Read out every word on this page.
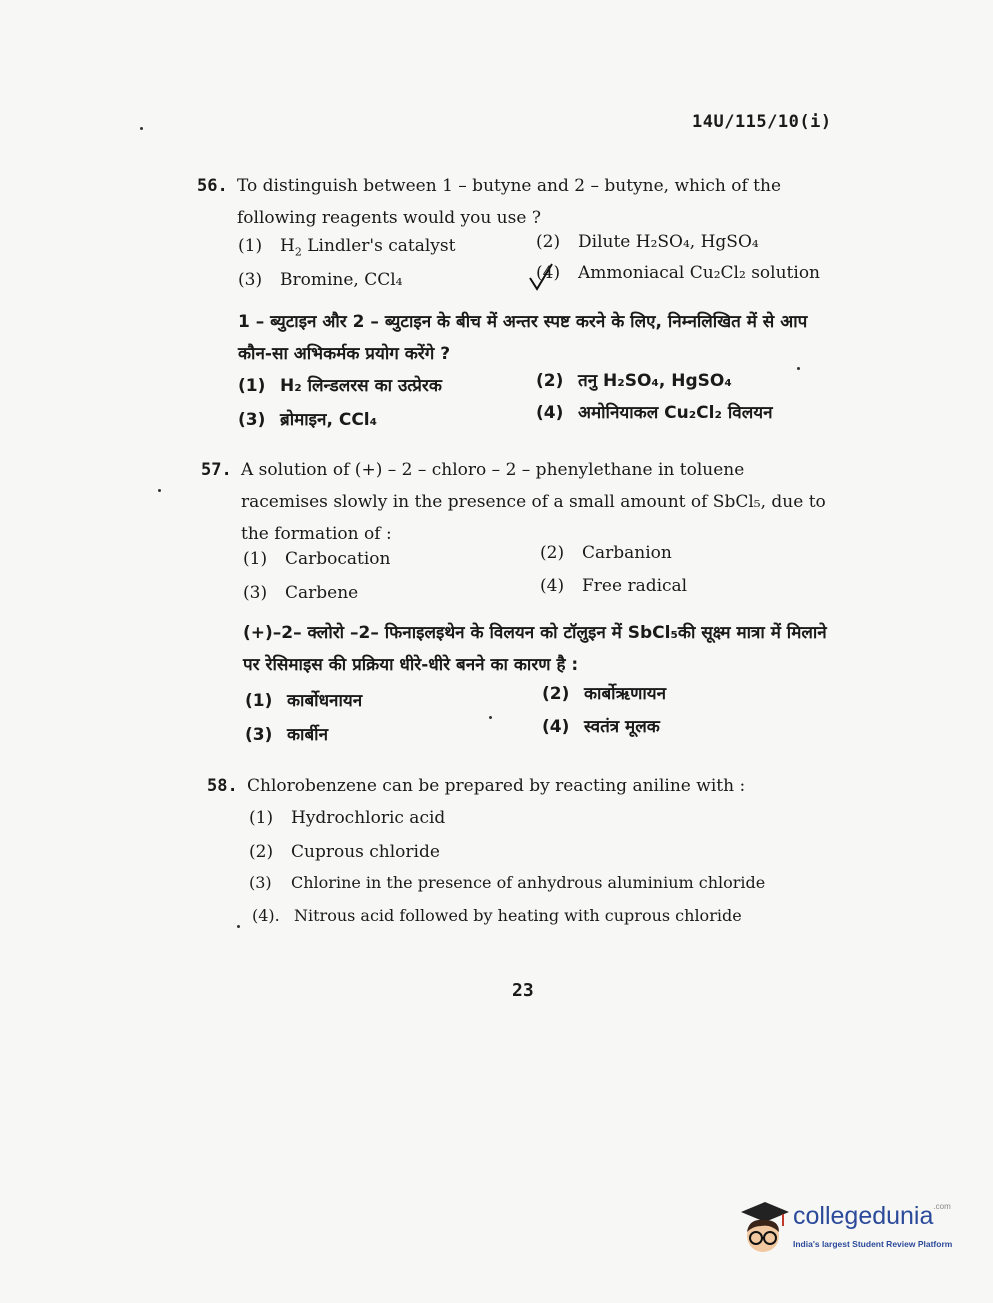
14U/115/10(i)
56. To distinguish between 1 – butyne and 2 – butyne, which of the following reagents would you use ?
(1) $H_2$ Lindler's catalyst	(2) Dilute H₂SO₄, HgSO₄
(3) Bromine, CCl₄	(4) Ammoniacal Cu₂Cl₂ solution
1 – ब्युटाइन और 2 – ब्युटाइन के बीच में अन्तर स्पष्ट करने के लिए, निम्नलिखित में से आप कौन-सा अभिकर्मक प्रयोग करेंगे ?
(1) H₂ लिन्डलरस का उत्प्रेरक	(2) तनु H₂SO₄, HgSO₄
(3) ब्रोमाइन, CCl₄	(4) अमोनियाकल Cu₂Cl₂ विलयन
57. A solution of (+) – 2 – chloro – 2 – phenylethane in toluene racemises slowly in the presence of a small amount of SbCl₅, due to the formation of :
(1) Carbocation	(2) Carbanion
(3) Carbene	(4) Free radical
(+)–2– क्लोरो –2– फिनाइलइथेन के विलयन को टॉलुइन में SbCl₅की सूक्ष्म मात्रा में मिलाने पर रेसिमाइस की प्रक्रिया धीरे-धीरे बनने का कारण है :
(1) कार्बोधनायन	(2) कार्बोऋणायन
(3) कार्बीन	(4) स्वतंत्र मूलक
58. Chlorobenzene can be prepared by reacting aniline with :
(1) Hydrochloric acid
(2) Cuprous chloride
(3) Chlorine in the presence of anhydrous aluminium chloride
(4). Nitrous acid followed by heating with cuprous chloride
23
collegedunia$^{.com}$
India's largest Student Review Platform
